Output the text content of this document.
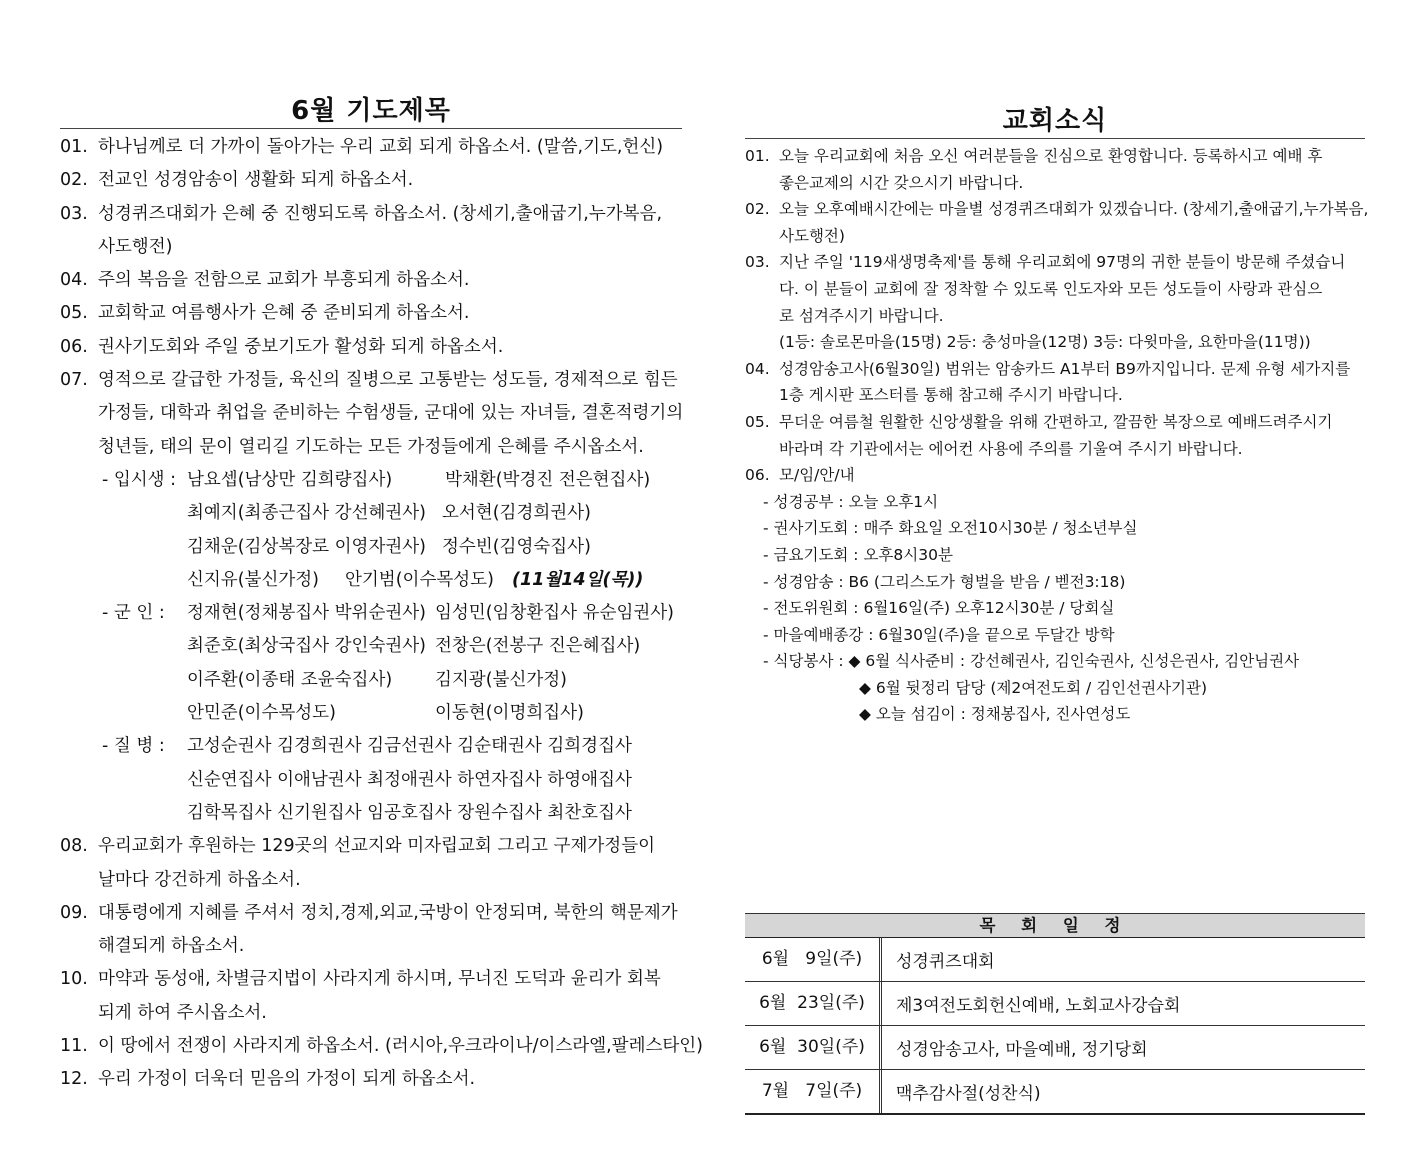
6월 기도제목
01. 하나님께로 더 가까이 돌아가는 우리 교회 되게 하옵소서. (말씀,기도,헌신)
02. 전교인 성경암송이 생활화 되게 하옵소서.
03. 성경퀴즈대회가 은혜 중 진행되도록 하옵소서. (창세기,출애굽기,누가복음,
사도행전)
04. 주의 복음을 전함으로 교회가 부흥되게 하옵소서.
05. 교회학교 여름행사가 은혜 중 준비되게 하옵소서.
06. 권사기도회와 주일 중보기도가 활성화 되게 하옵소서.
07. 영적으로 갈급한 가정들, 육신의 질병으로 고통받는 성도들, 경제적으로 힘든
가정들, 대학과 취업을 준비하는 수험생들, 군대에 있는 자녀들, 결혼적령기의
청년들, 태의 문이 열리길 기도하는 모든 가정들에게 은혜를 주시옵소서.
- 입시생 : 남요셉(남상만 김희량집사)	박채환(박경진 전은현집사)
최예지(최종근집사 강선혜권사) 오서현(김경희권사)
김채운(김상복장로 이영자권사) 정수빈(김영숙집사)
신지유(불신가정) 안기범(이수목성도) (11월14일(목))
- 군 인 : 정재현(정채봉집사 박위순권사) 임성민(임창환집사 유순임권사)
최준호(최상국집사 강인숙권사) 전창은(전봉구 진은혜집사)
이주환(이종태 조윤숙집사) 김지광(불신가정)
안민준(이수목성도)	이동현(이명희집사)
- 질 병 : 고성순권사 김경희권사 김금선권사 김순태권사 김희경집사
신순연집사 이애남권사 최정애권사 하연자집사 하영애집사
김학목집사 신기원집사 임공호집사 장원수집사 최찬호집사
08. 우리교회가 후원하는 129곳의 선교지와 미자립교회 그리고 구제가정들이
날마다 강건하게 하옵소서.
09. 대통령에게 지혜를 주셔서 정치,경제,외교,국방이 안정되며, 북한의 핵문제가
해결되게 하옵소서.
10. 마약과 동성애, 차별금지법이 사라지게 하시며, 무너진 도덕과 윤리가 회복
되게 하여 주시옵소서.
11. 이 땅에서 전쟁이 사라지게 하옵소서. (러시아,우크라이나/이스라엘,팔레스타인)
12. 우리 가정이 더욱더 믿음의 가정이 되게 하옵소서.
교회소식
01. 오늘 우리교회에 처음 오신 여러분들을 진심으로 환영합니다. 등록하시고 예배 후
좋은교제의 시간 갖으시기 바랍니다.
02. 오늘 오후예배시간에는 마을별 성경퀴즈대회가 있겠습니다. (창세기,출애굽기,누가복음,
사도행전)
03. 지난 주일 '119새생명축제'를 통해 우리교회에 97명의 귀한 분들이 방문해 주셨습니
다. 이 분들이 교회에 잘 정착할 수 있도록 인도자와 모든 성도들이 사랑과 관심으
로 섬겨주시기 바랍니다.
(1등: 솔로몬마을(15명) 2등: 충성마을(12명) 3등: 다윗마을, 요한마을(11명))
04. 성경암송고사(6월30일) 범위는 암송카드 A1부터 B9까지입니다. 문제 유형 세가지를
1층 게시판 포스터를 통해 참고해 주시기 바랍니다.
05. 무더운 여름철 원활한 신앙생활을 위해 간편하고, 깔끔한 복장으로 예배드려주시기
바라며 각 기관에서는 에어컨 사용에 주의를 기울여 주시기 바랍니다.
06. 모/임/안/내
- 성경공부 : 오늘 오후1시
- 권사기도회 : 매주 화요일 오전10시30분 / 청소년부실
- 금요기도회 : 오후8시30분
- 성경암송 : B6 (그리스도가 형벌을 받음 / 벧전3:18)
- 전도위원회 : 6월16일(주) 오후12시30분 / 당회실
- 마을예배종강 : 6월30일(주)을 끝으로 두달간 방학
- 식당봉사 : ◆ 6월 식사준비 : 강선혜권사, 김인숙권사, 신성은권사, 김안님권사
◆ 6월 뒷정리 담당 (제2여전도회 / 김인선권사기관)
◆ 오늘 섬김이 : 정채봉집사, 진사연성도
목 회 일 정
6월   9일(주)	성경퀴즈대회
6월  23일(주)	제3여전도회헌신예배, 노회교사강습회
6월  30일(주)	성경암송고사, 마을예배, 정기당회
7월   7일(주)	맥추감사절(성찬식)
